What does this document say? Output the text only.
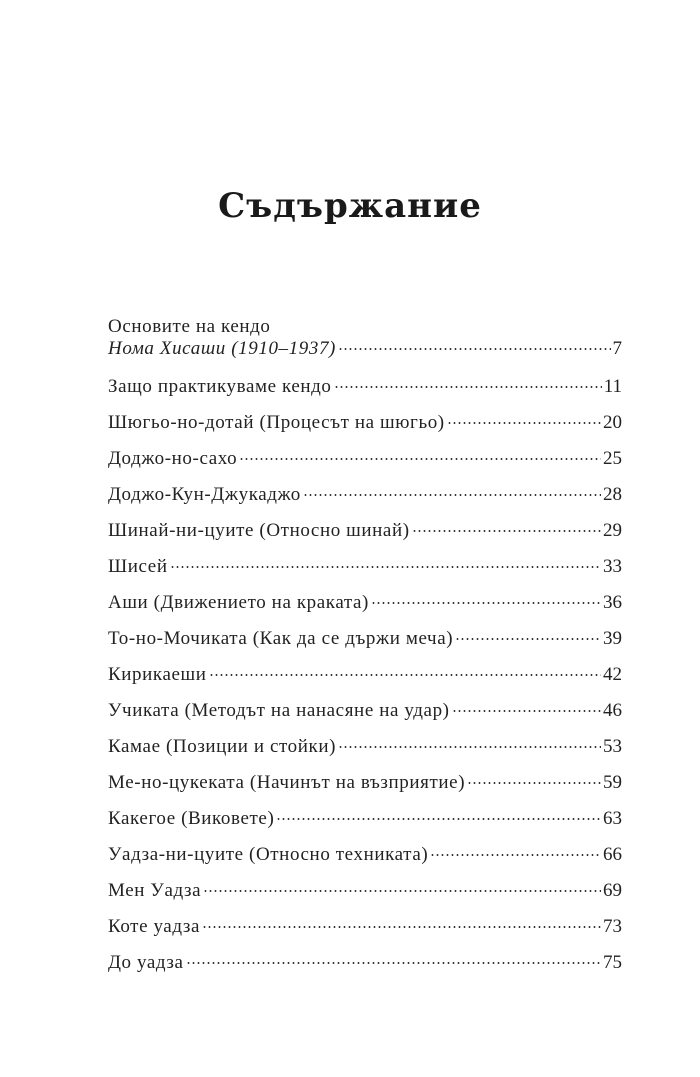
Съдържание
Основите на кендо
Нома Хисаши (1910–1937)	7
Защо практикуваме кендо	11
Шюгьо-но-дотай (Процесът на шюгьо)	20
Доджо-но-сахо	25
Доджо-Кун-Джукаджо	28
Шинай-ни-цуите (Относно шинай)	29
Шисей	33
Аши (Движението на краката)	36
То-но-Мочиката (Как да се държи меча)	39
Кирикаеши	42
Учиката (Методът на нанасяне на удар)	46
Камае (Позиции и стойки)	53
Ме-но-цукеката (Начинът на възприятие)	59
Какегое (Виковете)	63
Уадза-ни-цуите (Относно техниката)	66
Мен Уадза	69
Коте уадза	73
До уадза	75
